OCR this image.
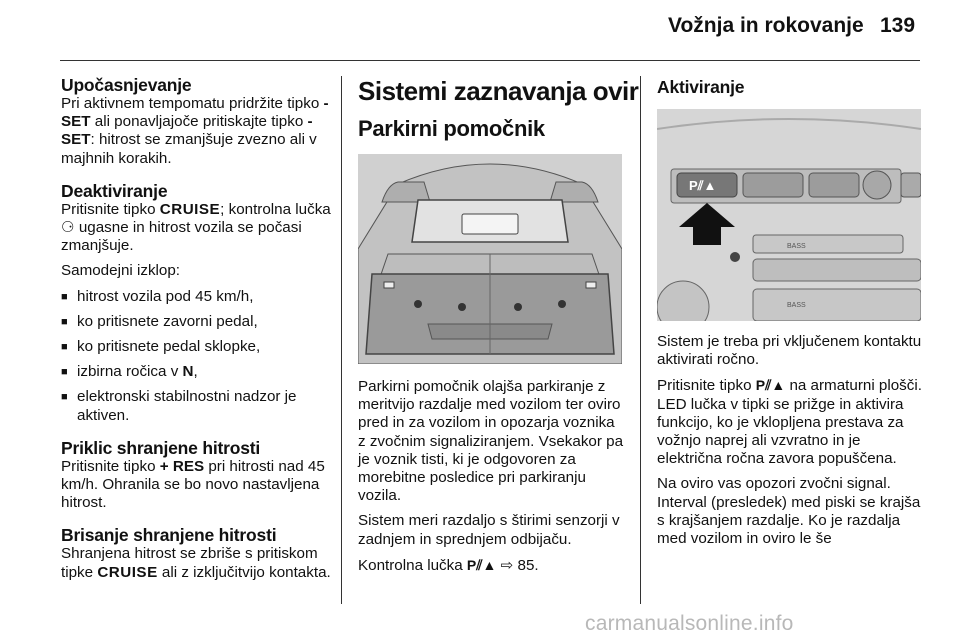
Vožnja in rokovanje 139
Upočasnjevanje

Pri aktivnem tempomatu pridržite tipko - SET ali ponavljajoče pritiskajte tipko - SET: hitrost se zmanjšuje zvezno ali v majhnih korakih.

Deaktiviranje

Pritisnite tipko CRUISE; kontrolna lučka ⚆ ugasne in hitrost vozila se počasi zmanjšuje.

Samodejni izklop:

■ hitrost vozila pod 45 km/h,
■ ko pritisnete zavorni pedal,
■ ko pritisnete pedal sklopke,
■ izbirna ročica v N,
■ elektronski stabilnostni nadzor je aktiven.
Priklic shranjene hitrosti

Pritisnite tipko + RES pri hitrosti nad 45 km/h. Ohranila se bo novo nastavljena hitrost.

Brisanje shranjene hitrosti

Shranjena hitrost se zbriše s pritiskom tipke CRUISE ali z izključitvijo kontakta.

Sistemi zaznavanja ovir
Parkirni pomočnik

Parkirni pomočnik olajša parkiranje z meritvijo razdalje med vozilom ter oviro pred in za vozilom in opozarja voznika z zvočnim signaliziranjem. Vsekakor pa je voznik tisti, ki je odgovoren za morebitne posledice pri parkiranju vozila.

Sistem meri razdaljo s štirimi senzorji v zadnjem in sprednjem odbijaču.

Kontrolna lučka P⫽▲ ⇨ 85.

Aktiviranje
P⫽▲
BASS
BASS

Sistem je treba pri vključenem kontaktu aktivirati ročno.

Pritisnite tipko P⫽▲ na armaturni plošči. LED lučka v tipki se prižge in aktivira funkcijo, ko je vklopljena prestava za vožnjo naprej ali vzvratno in je električna ročna zavora popuščena.

Na oviro vas opozori zvočni signal. Interval (presledek) med piski se krajša s krajšanjem razdalje. Ko je razdalja med vozilom in oviro le še

carmanualsonline.info
